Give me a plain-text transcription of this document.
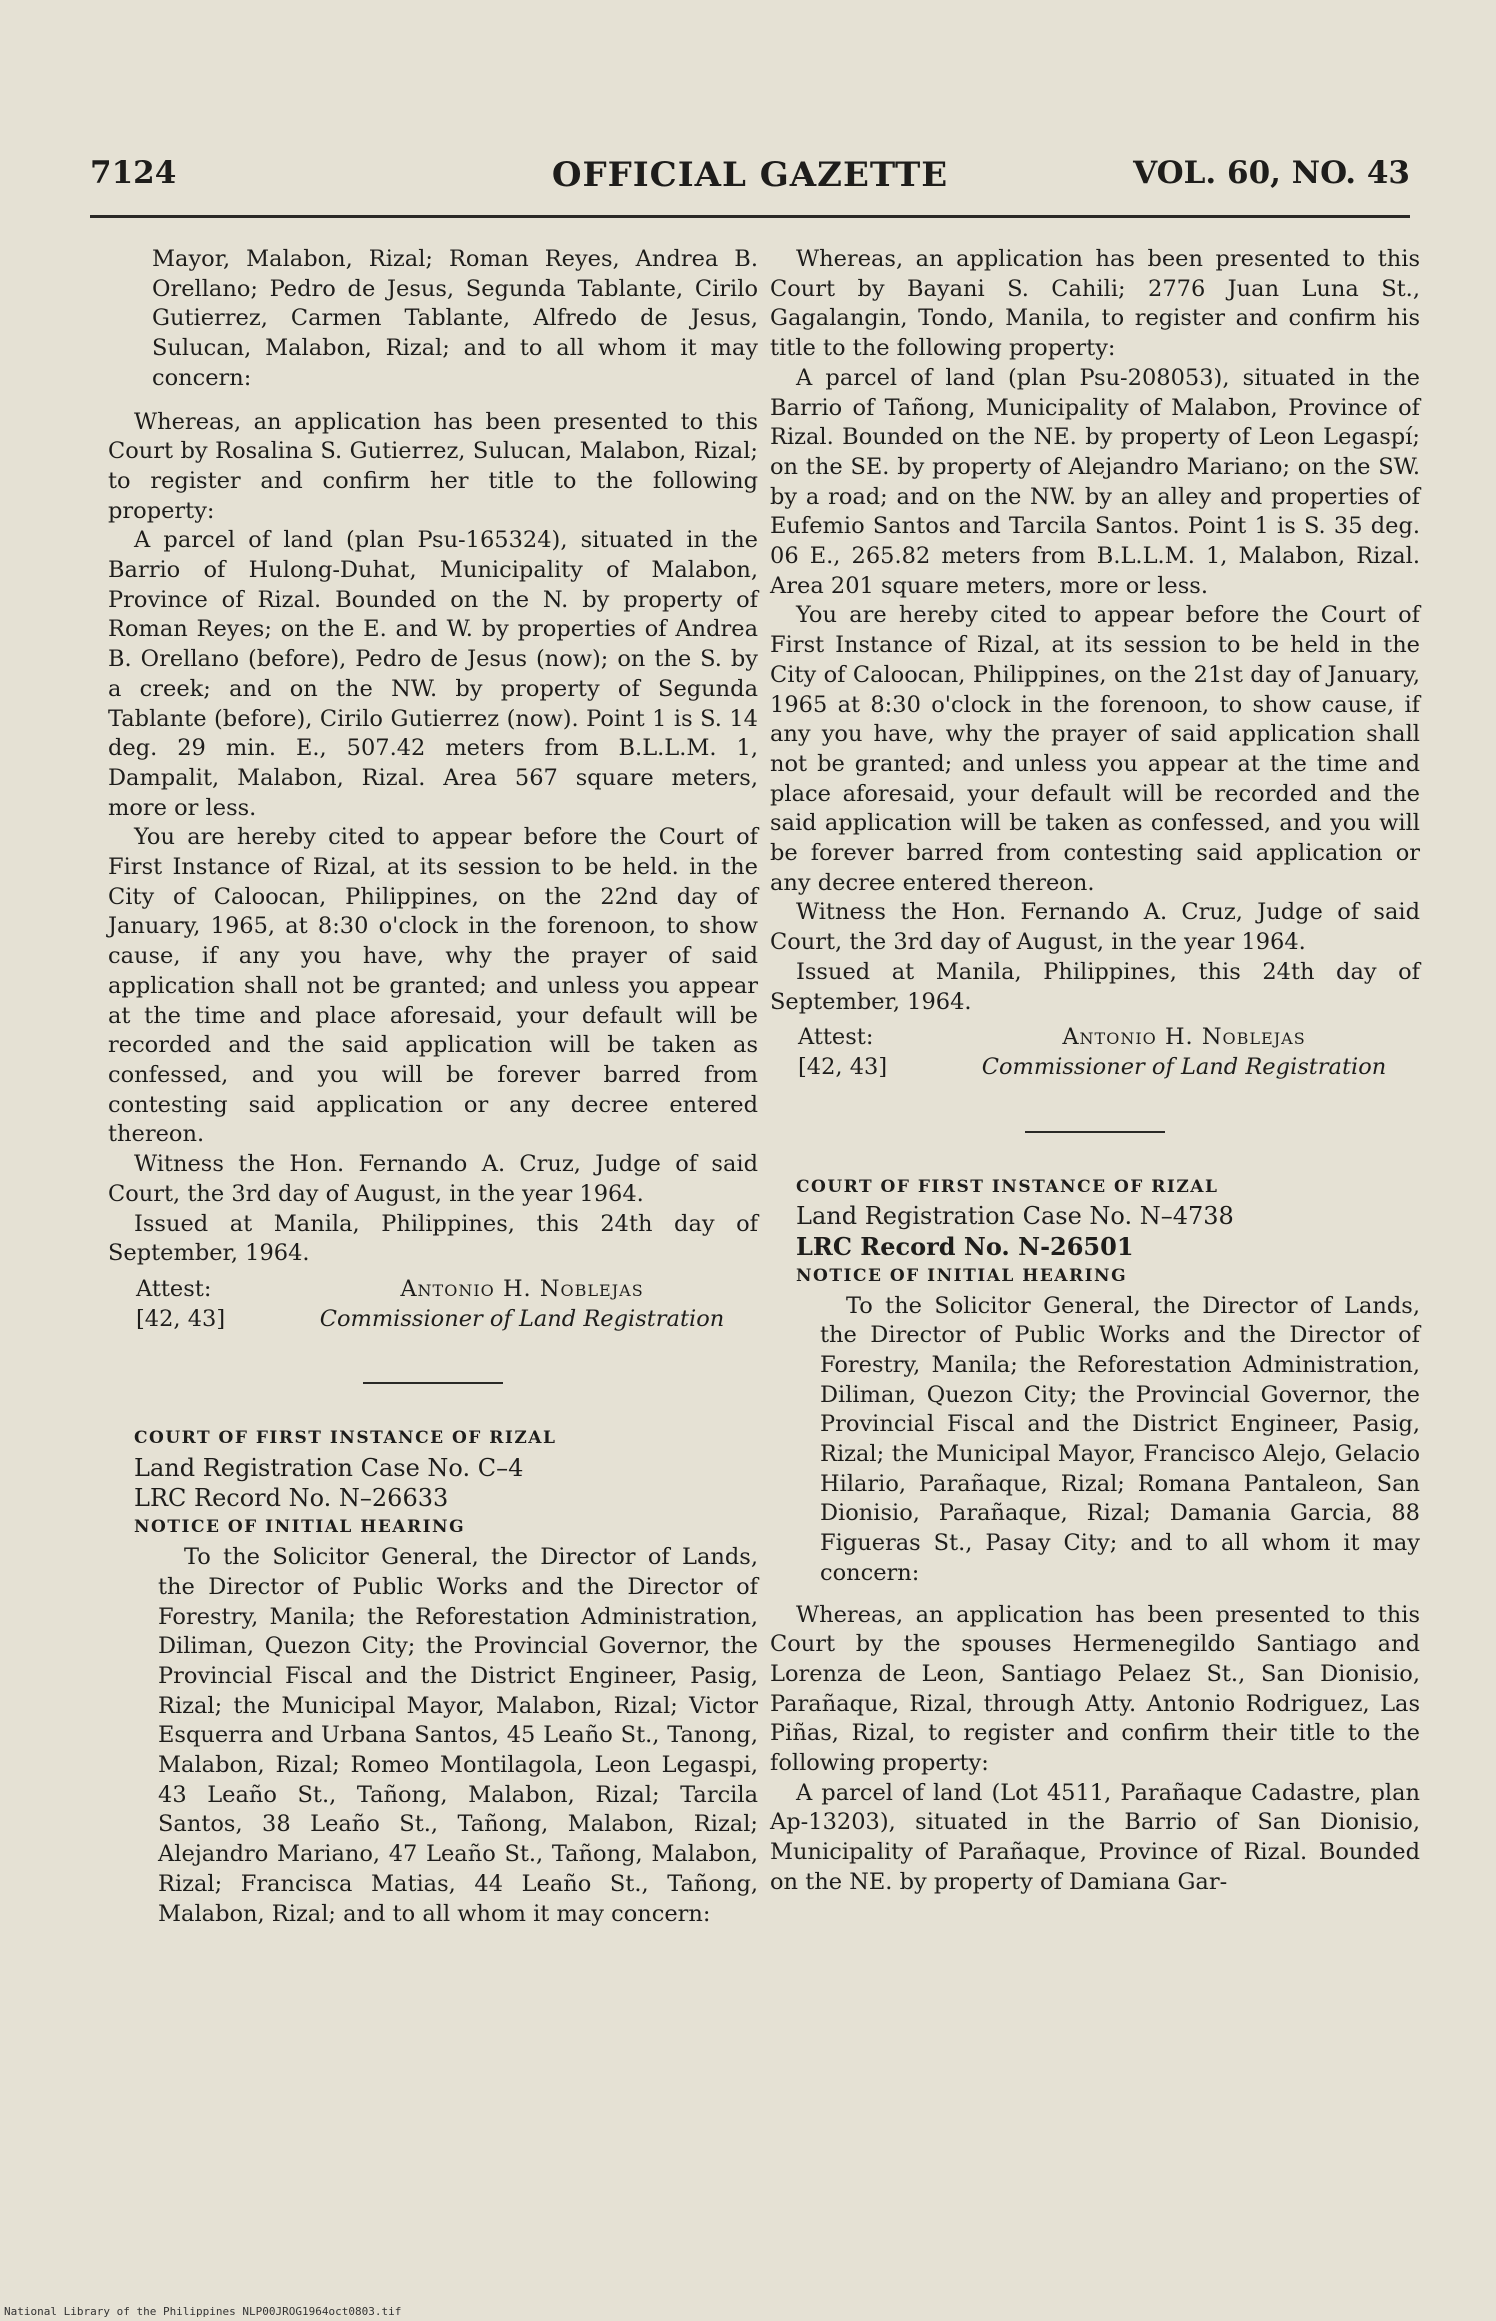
7124	OFFICIAL GAZETTE	VOL. 60, NO. 43

Mayor, Malabon, Rizal; Roman Reyes, Andrea B. Orellano; Pedro de Jesus, Segunda Tablante, Cirilo Gutierrez, Carmen Tablante, Alfredo de Jesus, Sulucan, Malabon, Rizal; and to all whom it may concern:

Whereas, an application has been presented to this Court by Rosalina S. Gutierrez, Sulucan, Malabon, Rizal; to register and confirm her title to the following property:

A parcel of land (plan Psu-165324), situated in the Barrio of Hulong-Duhat, Municipality of Malabon, Province of Rizal. Bounded on the N. by property of Roman Reyes; on the E. and W. by properties of Andrea B. Orellano (before), Pedro de Jesus (now); on the S. by a creek; and on the NW. by property of Segunda Tablante (before), Cirilo Gutierrez (now). Point 1 is S. 14 deg. 29 min. E., 507.42 meters from B.L.L.M. 1, Dampalit, Malabon, Rizal. Area 567 square meters, more or less.

You are hereby cited to appear before the Court of First Instance of Rizal, at its session to be held. in the City of Caloocan, Philippines, on the 22nd day of January, 1965, at 8:30 o'clock in the forenoon, to show cause, if any you have, why the prayer of said application shall not be granted; and unless you appear at the time and place aforesaid, your default will be recorded and the said application will be taken as confessed, and you will be forever barred from contesting said application or any decree entered thereon.

Witness the Hon. Fernando A. Cruz, Judge of said Court, the 3rd day of August, in the year 1964.

Issued at Manila, Philippines, this 24th day of September, 1964.

Attest:	Antonio H. Noblejas
[42, 43]	Commissioner of Land Registration

COURT OF FIRST INSTANCE OF RIZAL

Land Registration Case No. C–4

LRC Record No. N–26633

NOTICE OF INITIAL HEARING

To the Solicitor General, the Director of Lands, the Director of Public Works and the Director of Forestry, Manila; the Reforestation Administration, Diliman, Quezon City; the Provincial Governor, the Provincial Fiscal and the District Engineer, Pasig, Rizal; the Municipal Mayor, Malabon, Rizal; Victor Esquerra and Urbana Santos, 45 Leaño St., Tanong, Malabon, Rizal; Romeo Montilagola, Leon Legaspi, 43 Leaño St., Tañong, Malabon, Rizal; Tarcila Santos, 38 Leaño St., Tañong, Malabon, Rizal; Alejandro Mariano, 47 Leaño St., Tañong, Malabon, Rizal; Francisca Matias, 44 Leaño St., Tañong, Malabon, Rizal; and to all whom it may concern:

Whereas, an application has been presented to this Court by Bayani S. Cahili; 2776 Juan Luna St., Gagalangin, Tondo, Manila, to register and confirm his title to the following property:

A parcel of land (plan Psu-208053), situated in the Barrio of Tañong, Municipality of Malabon, Province of Rizal. Bounded on the NE. by property of Leon Legaspí; on the SE. by property of Alejandro Mariano; on the SW. by a road; and on the NW. by an alley and properties of Eufemio Santos and Tarcila Santos. Point 1 is S. 35 deg. 06 E., 265.82 meters from B.L.L.M. 1, Malabon, Rizal. Area 201 square meters, more or less.

You are hereby cited to appear before the Court of First Instance of Rizal, at its session to be held in the City of Caloocan, Philippines, on the 21st day of January, 1965 at 8:30 o'clock in the forenoon, to show cause, if any you have, why the prayer of said application shall not be granted; and unless you appear at the time and place aforesaid, your default will be recorded and the said application will be taken as confessed, and you will be forever barred from contesting said application or any decree entered thereon.

Witness the Hon. Fernando A. Cruz, Judge of said Court, the 3rd day of August, in the year 1964.

Issued at Manila, Philippines, this 24th day of September, 1964.

Attest:	Antonio H. Noblejas
[42, 43]	Commissioner of Land Registration

COURT OF FIRST INSTANCE OF RIZAL

Land Registration Case No. N–4738

LRC Record No. N-26501

NOTICE OF INITIAL HEARING

To the Solicitor General, the Director of Lands, the Director of Public Works and the Director of Forestry, Manila; the Reforestation Administration, Diliman, Quezon City; the Provincial Governor, the Provincial Fiscal and the District Engineer, Pasig, Rizal; the Municipal Mayor, Francisco Alejo, Gelacio Hilario, Parañaque, Rizal; Romana Pantaleon, San Dionisio, Parañaque, Rizal; Damania Garcia, 88 Figueras St., Pasay City; and to all whom it may concern:

Whereas, an application has been presented to this Court by the spouses Hermenegildo Santiago and Lorenza de Leon, Santiago Pelaez St., San Dionisio, Parañaque, Rizal, through Atty. Antonio Rodriguez, Las Piñas, Rizal, to register and confirm their title to the following property:

A parcel of land (Lot 4511, Parañaque Cadastre, plan Ap-13203), situated in the Barrio of San Dionisio, Municipality of Parañaque, Province of Rizal. Bounded on the NE. by property of Damiana Gar-

National Library of the Philippines NLP00JROG1964oct0803.tif
